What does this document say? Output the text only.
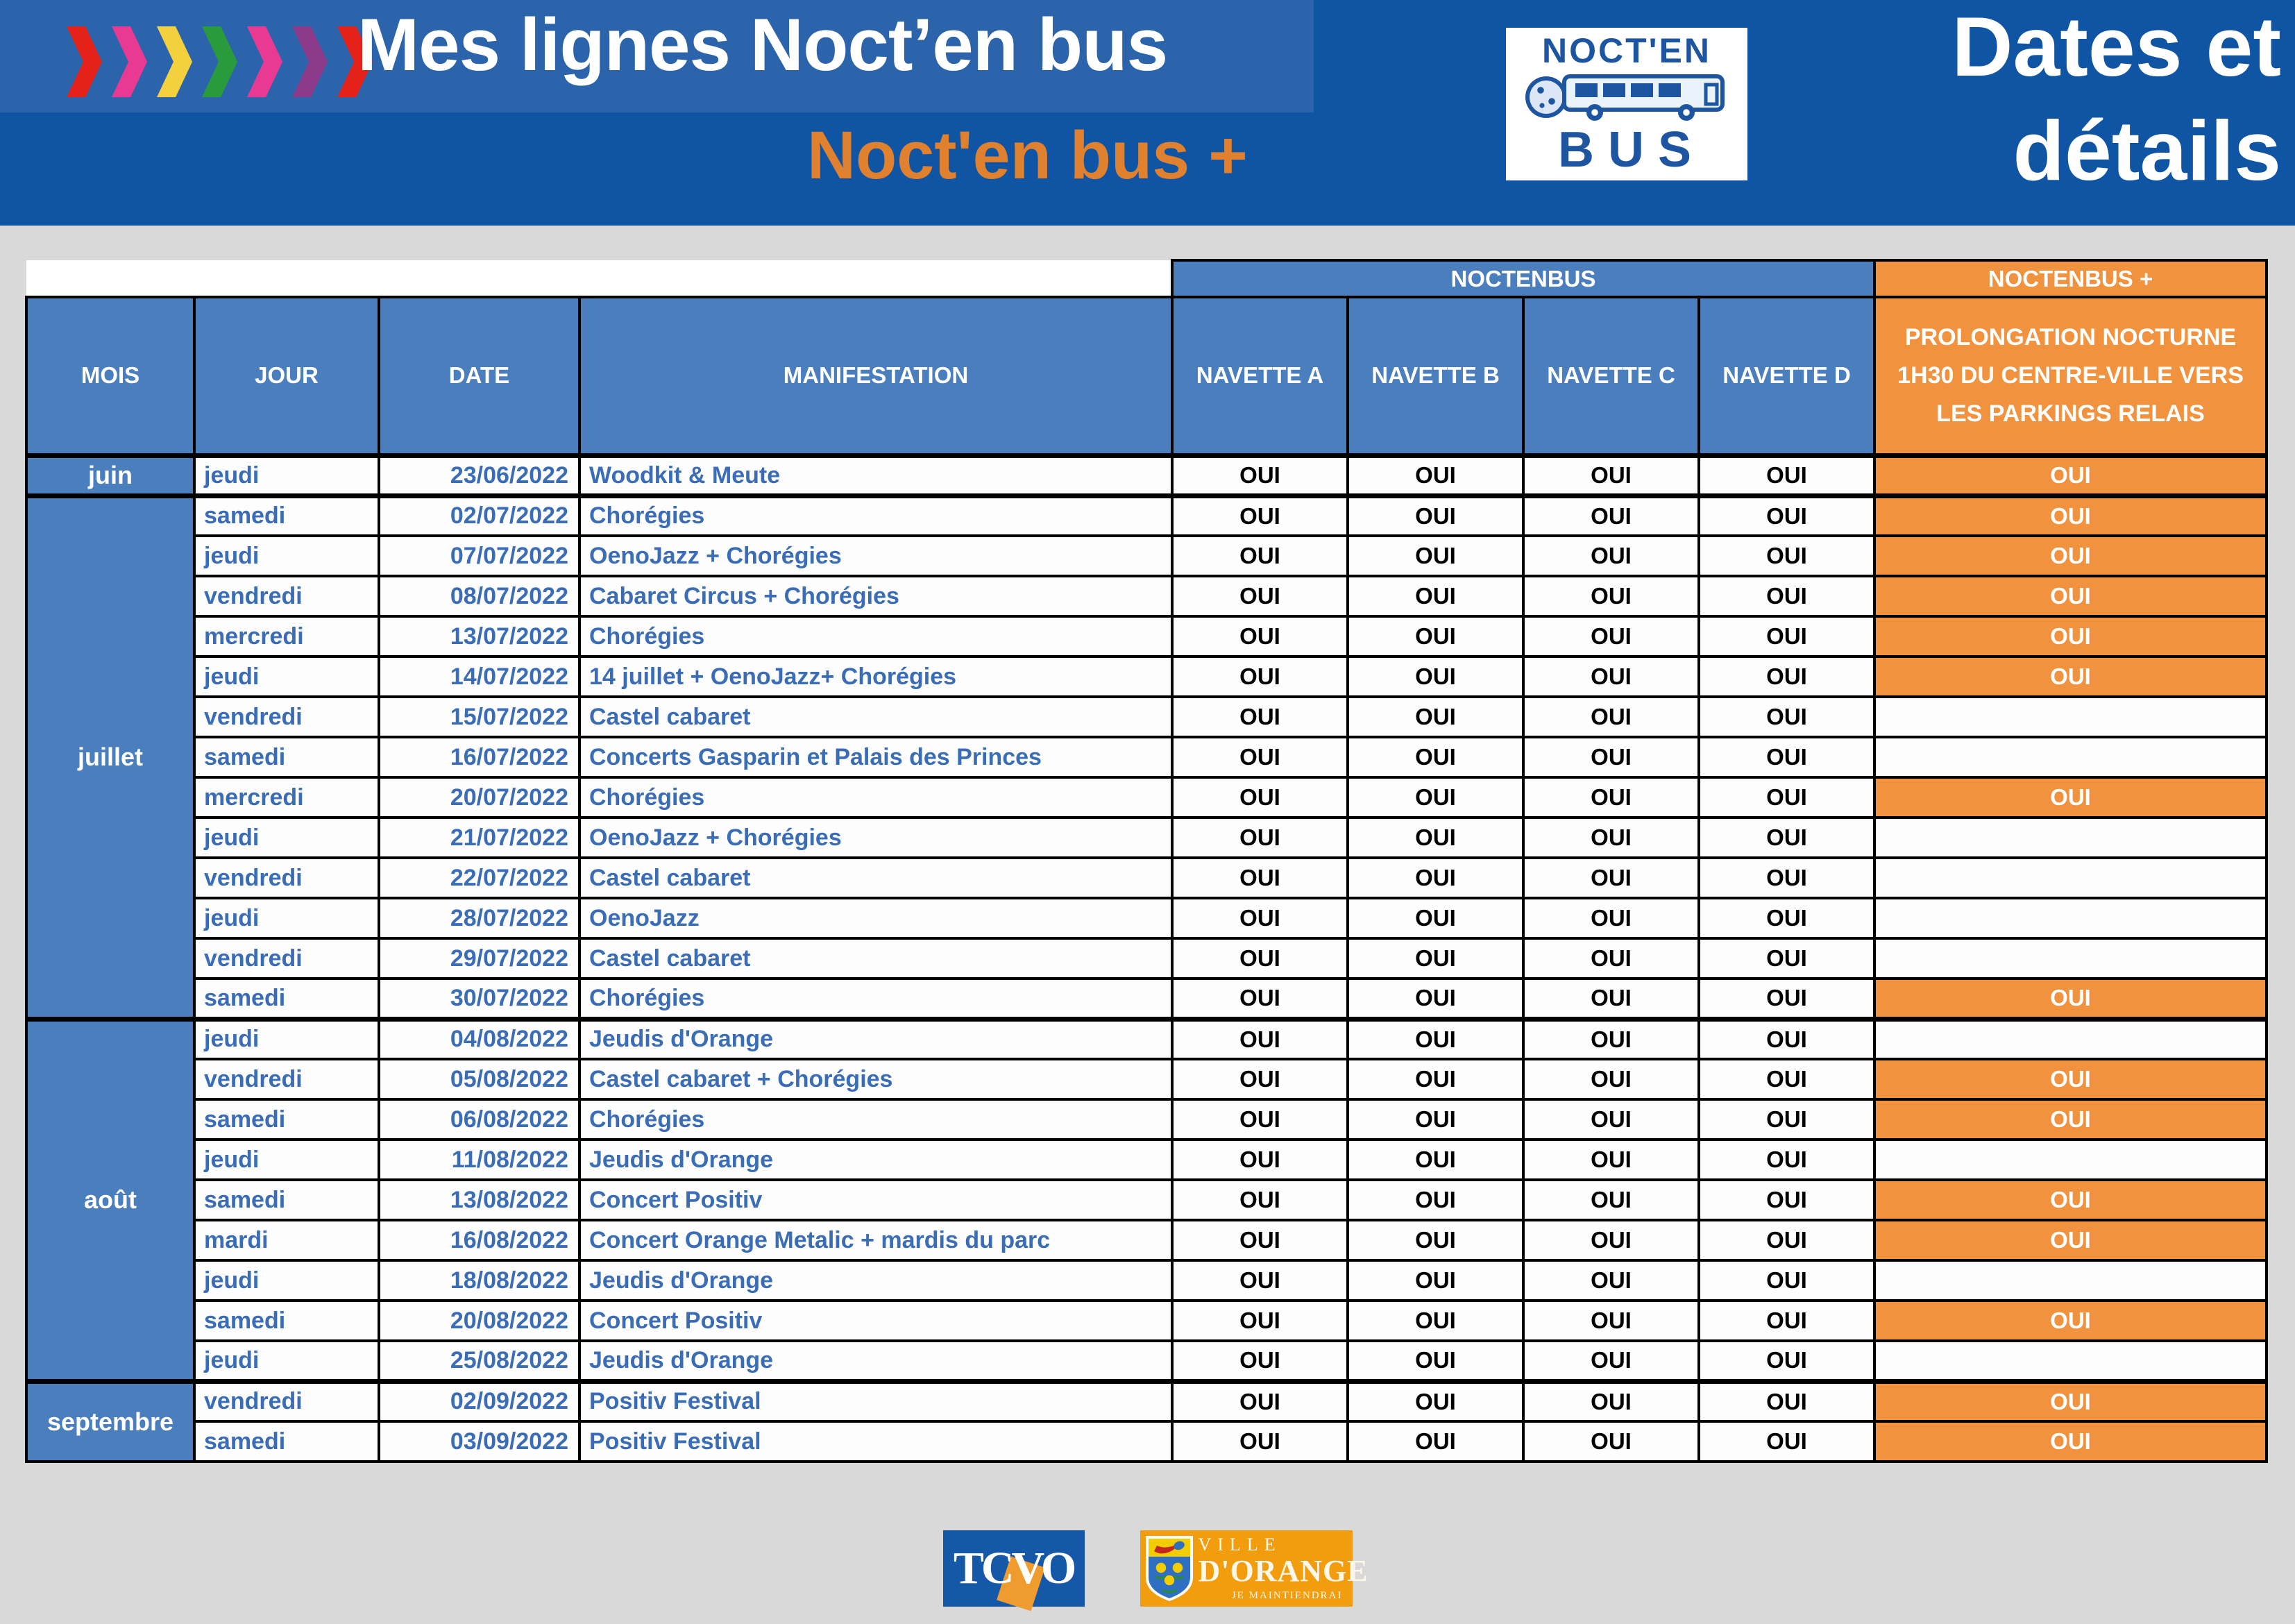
Mes lignes Noct’en bus
Noct'en bus +
NOCT'EN
BUS
Dates et
détails
				NOCTENBUS				NOCTENBUS +
MOIS	JOUR	DATE	MANIFESTATION	NAVETTE A	NAVETTE B	NAVETTE C	NAVETTE D	PROLONGATION NOCTURNE
1H30 DU CENTRE-VILLE VERS
LES PARKINGS RELAIS

juin	jeudi	23/06/2022	Woodkit & Meute	OUI	OUI	OUI	OUI	OUI
juillet	samedi	02/07/2022	Chorégies	OUI	OUI	OUI	OUI	OUI
	jeudi	07/07/2022	OenoJazz + Chorégies	OUI	OUI	OUI	OUI	OUI
	vendredi	08/07/2022	Cabaret Circus + Chorégies	OUI	OUI	OUI	OUI	OUI
	mercredi	13/07/2022	Chorégies	OUI	OUI	OUI	OUI	OUI
	jeudi	14/07/2022	14 juillet + OenoJazz+ Chorégies	OUI	OUI	OUI	OUI	OUI
	vendredi	15/07/2022	Castel cabaret	OUI	OUI	OUI	OUI	
	samedi	16/07/2022	Concerts Gasparin et Palais des Princes	OUI	OUI	OUI	OUI	
	mercredi	20/07/2022	Chorégies	OUI	OUI	OUI	OUI	OUI
	jeudi	21/07/2022	OenoJazz + Chorégies	OUI	OUI	OUI	OUI	
	vendredi	22/07/2022	Castel cabaret	OUI	OUI	OUI	OUI	
	jeudi	28/07/2022	OenoJazz	OUI	OUI	OUI	OUI	
	vendredi	29/07/2022	Castel cabaret	OUI	OUI	OUI	OUI	
	samedi	30/07/2022	Chorégies	OUI	OUI	OUI	OUI	OUI
août	jeudi	04/08/2022	Jeudis d'Orange	OUI	OUI	OUI	OUI	
	vendredi	05/08/2022	Castel cabaret + Chorégies	OUI	OUI	OUI	OUI	OUI
	samedi	06/08/2022	Chorégies	OUI	OUI	OUI	OUI	OUI
	jeudi	11/08/2022	Jeudis d'Orange	OUI	OUI	OUI	OUI	
	samedi	13/08/2022	Concert Positiv	OUI	OUI	OUI	OUI	OUI
	mardi	16/08/2022	Concert Orange Metalic + mardis du parc	OUI	OUI	OUI	OUI	OUI
	jeudi	18/08/2022	Jeudis d'Orange	OUI	OUI	OUI	OUI	
	samedi	20/08/2022	Concert Positiv	OUI	OUI	OUI	OUI	OUI
	jeudi	25/08/2022	Jeudis d'Orange	OUI	OUI	OUI	OUI	
septembre	vendredi	02/09/2022	Positiv Festival	OUI	OUI	OUI	OUI	OUI
	samedi	03/09/2022	Positiv Festival	OUI	OUI	OUI	OUI	OUI
TCVO	VILLE
D'ORANGE
JE MAINTIENDRAI
